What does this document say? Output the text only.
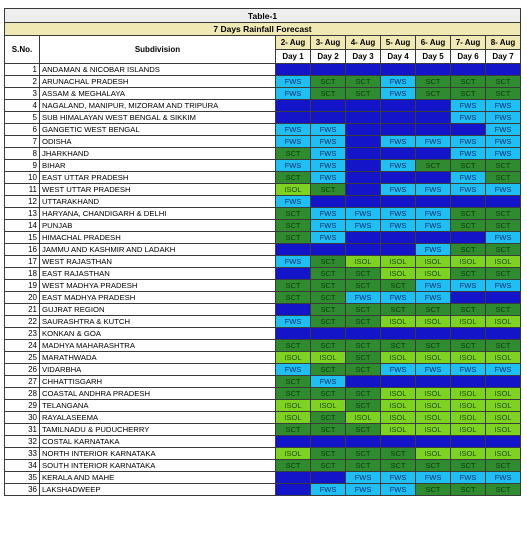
Table-1								
7 Days Rainfall Forecast								
S.No.	Subdivision	2- Aug	3- Aug	4- Aug	5- Aug	6- Aug	7- Aug	8- Aug
		Day 1	Day 2	Day 3	Day 4	Day 5	Day 6	Day 7
1	ANDAMAN & NICOBAR ISLANDS	WS	WS	WS	WS	WS	WS	WS
2	ARUNACHAL PRADESH	FWS	SCT	SCT	FWS	SCT	SCT	SCT
3	ASSAM & MEGHALAYA	FWS	SCT	SCT	FWS	SCT	SCT	SCT
4	NAGALAND, MANIPUR, MIZORAM AND TRIPURA	WS	WS	WS	WS	WS	FWS	FWS
5	SUB HIMALAYAN WEST BENGAL & SIKKIM	WS	WS	WS	WS	WS	FWS	FWS
6	GANGETIC WEST BENGAL	FWS	FWS	WS	WS	WS	WS	FWS
7	ODISHA	FWS	FWS	WS	FWS	FWS	FWS	FWS
8	JHARKHAND	SCT	FWS	WS	WS	WS	FWS	FWS
9	BIHAR	FWS	FWS	WS	FWS	SCT	SCT	SCT
10	EAST UTTAR PRADESH	SCT	FWS	WS	WS	WS	FWS	SCT
11	WEST UTTAR PRADESH	ISOL	SCT	WS	FWS	FWS	FWS	FWS
12	UTTARAKHAND	FWS	WS	WS	WS	WS	WS	WS
13	HARYANA, CHANDIGARH & DELHI	SCT	FWS	FWS	FWS	FWS	SCT	SCT
14	PUNJAB	SCT	FWS	FWS	FWS	FWS	SCT	SCT
15	HIMACHAL PRADESH	SCT	FWS	WS	WS	WS	WS	FWS
16	JAMMU AND KASHMIR AND LADAKH	WS	WS	WS	WS	FWS	SCT	SCT
17	WEST RAJASTHAN	FWS	SCT	ISOL	ISOL	ISOL	ISOL	ISOL
18	EAST RAJASTHAN	WS	SCT	SCT	ISOL	ISOL	SCT	SCT
19	WEST MADHYA PRADESH	SCT	SCT	SCT	SCT	FWS	FWS	FWS
20	EAST MADHYA PRADESH	SCT	SCT	FWS	FWS	FWS	WS	WS
21	GUJRAT REGION	WS	SCT	SCT	SCT	SCT	SCT	SCT
22	SAURASHTRA & KUTCH	FWS	SCT	SCT	ISOL	ISOL	ISOL	ISOL
23	KONKAN & GOA	WS	WS	WS	WS	WS	WS	WS
24	MADHYA MAHARASHTRA	SCT	SCT	SCT	SCT	SCT	SCT	SCT
25	MARATHWADA	ISOL	ISOL	SCT	ISOL	ISOL	ISOL	ISOL
26	VIDARBHA	FWS	SCT	SCT	FWS	FWS	FWS	FWS
27	CHHATTISGARH	SCT	FWS	WS	WS	WS	WS	WS
28	COASTAL ANDHRA PRADESH	SCT	SCT	SCT	ISOL	ISOL	ISOL	ISOL
29	TELANGANA	ISOL	ISOL	SCT	ISOL	ISOL	ISOL	ISOL
30	RAYALASEEMA	ISOL	SCT	ISOL	ISOL	ISOL	ISOL	ISOL
31	TAMILNADU & PUDUCHERRY	SCT	SCT	SCT	ISOL	ISOL	ISOL	ISOL
32	COSTAL KARNATAKA	WS	WS	WS	WS	WS	WS	WS
33	NORTH INTERIOR KARNATAKA	ISOL	SCT	SCT	SCT	ISOL	ISOL	ISOL
34	SOUTH INTERIOR KARNATAKA	SCT	SCT	SCT	SCT	SCT	SCT	SCT
35	KERALA AND MAHE	WS	WS	FWS	FWS	FWS	FWS	FWS
36	LAKSHADWEEP	WS	FWS	FWS	FWS	SCT	SCT	SCT
